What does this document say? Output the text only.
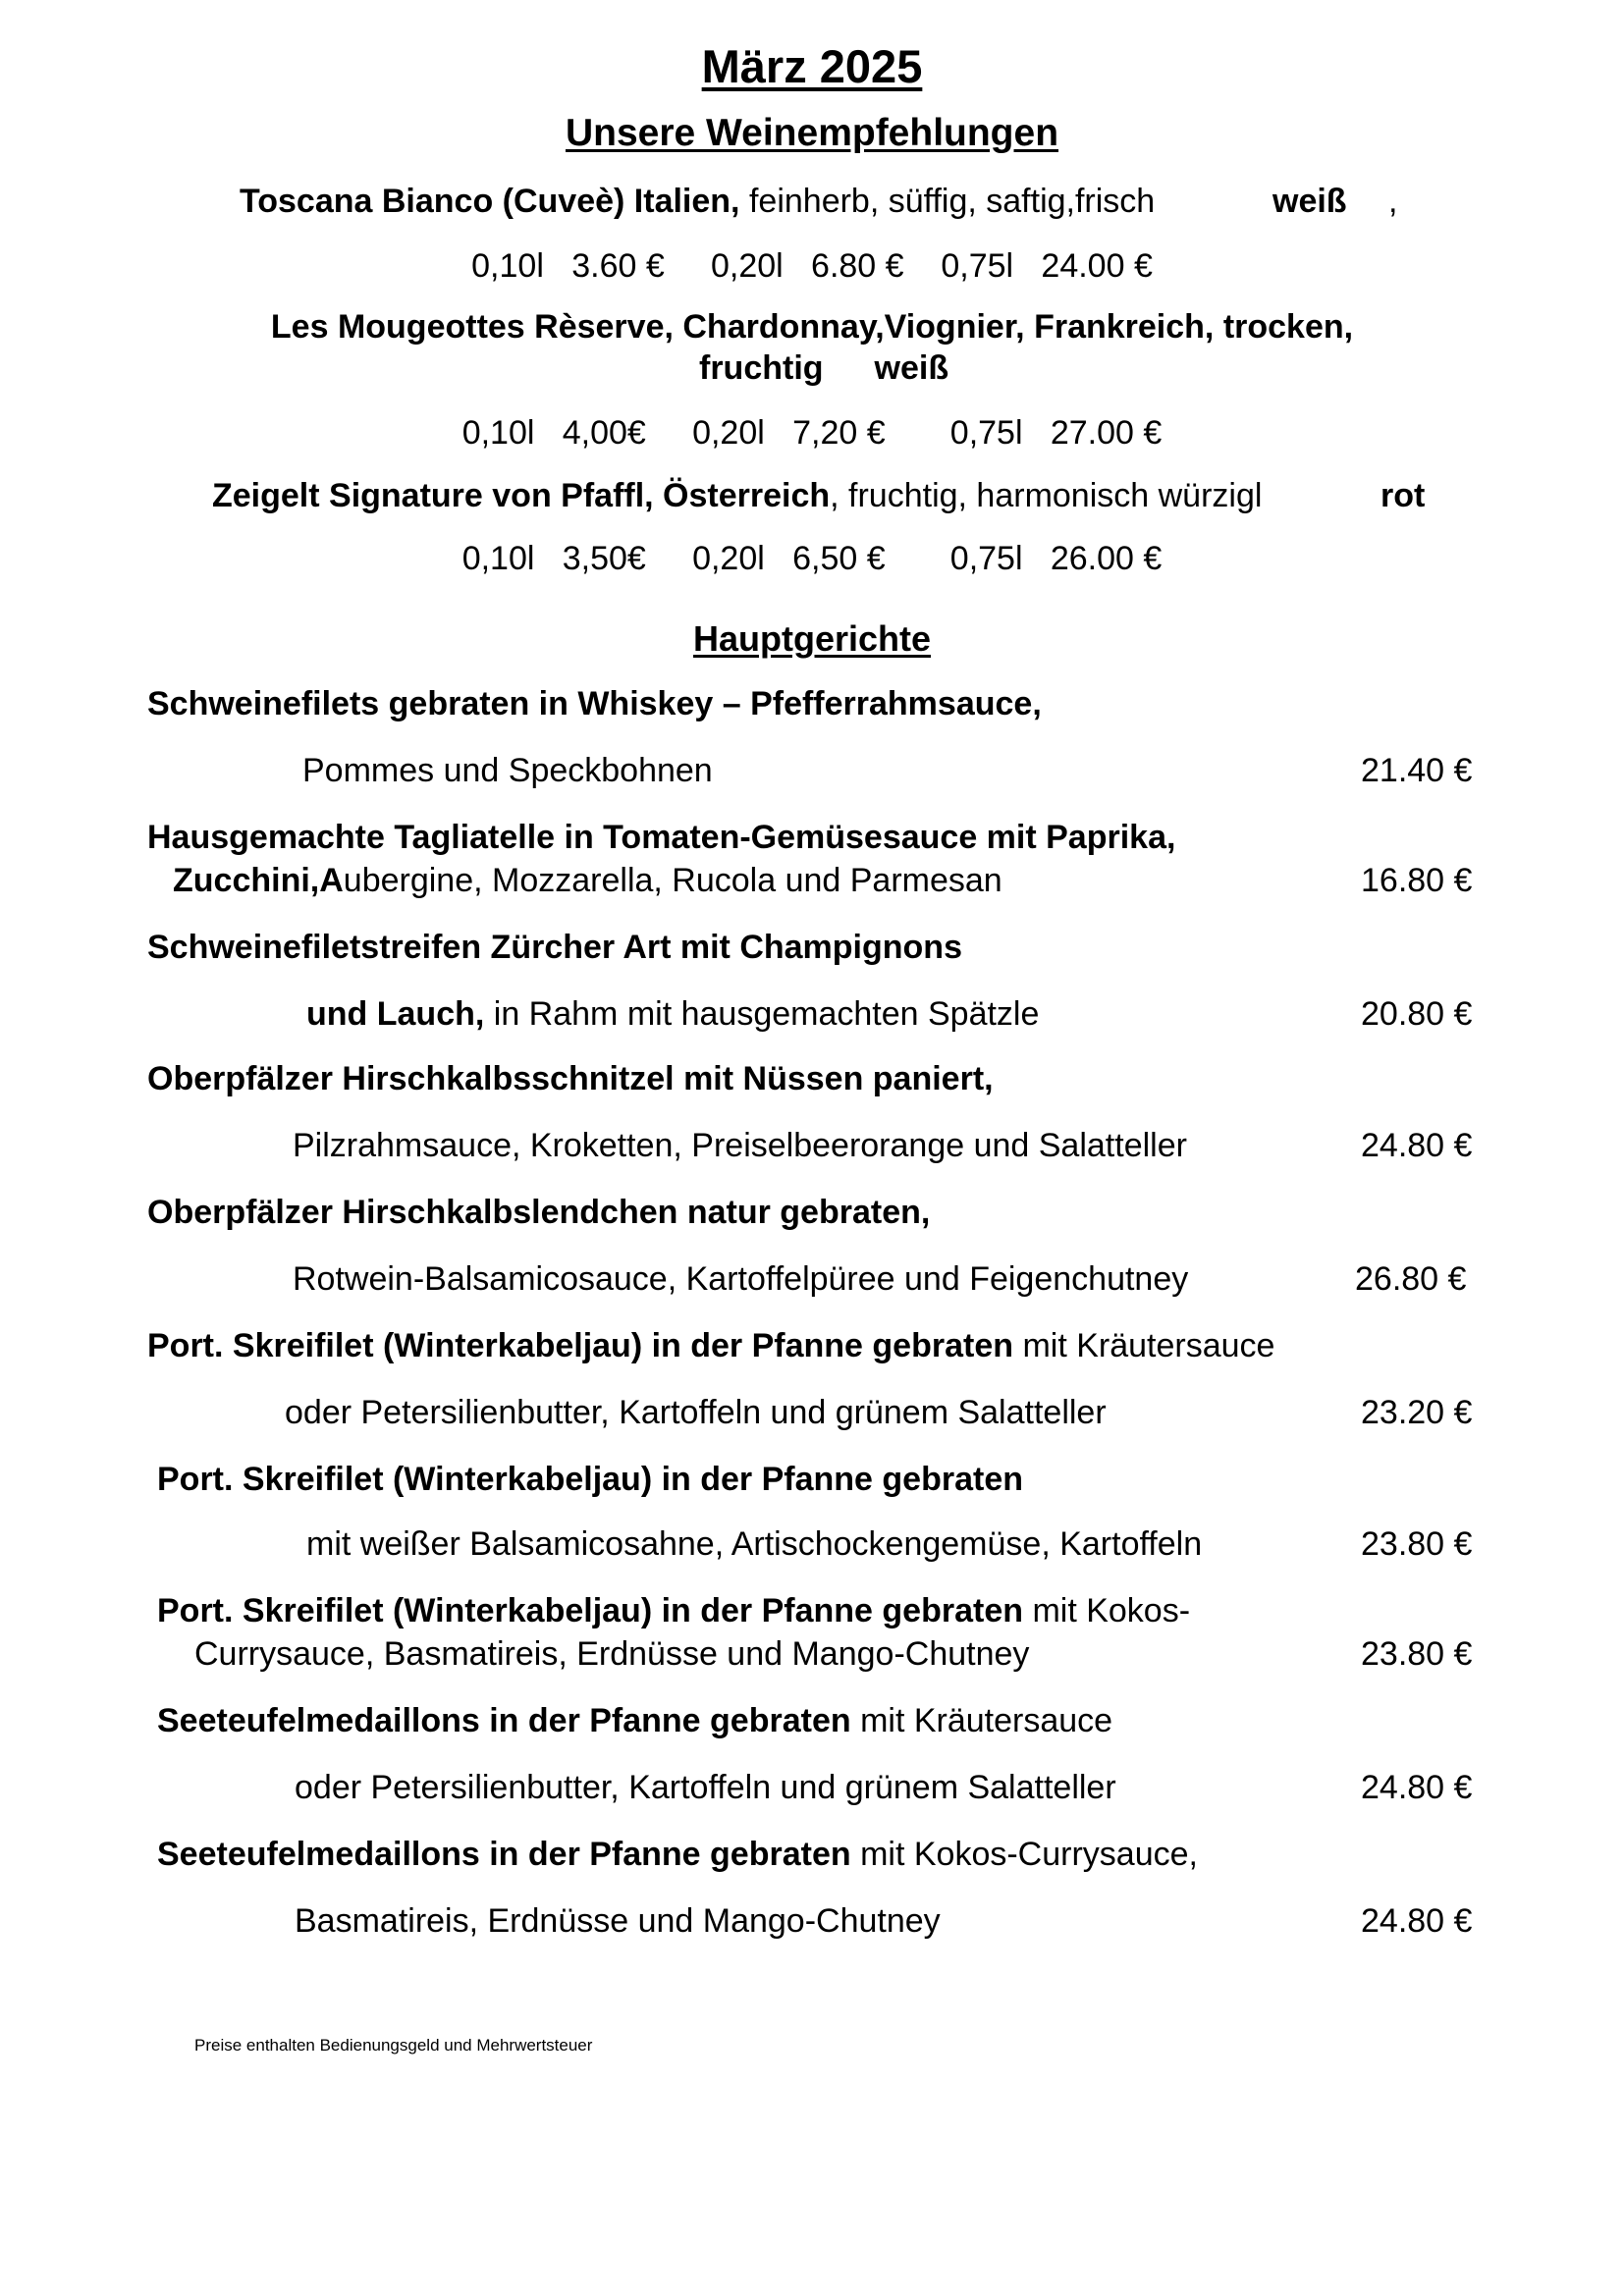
März 2025
Unsere Weinempfehlungen
Toscana Bianco (Cuveè) Italien, feinherb, süffig, saftig,frisch	weiß ,
0,10l   3.60 €     0,20l   6.80 €    0,75l   24.00 €
Les Mougeottes Rèserve, Chardonnay,Viognier, Frankreich, trocken,
fruchtig weiß
0,10l   4,00€     0,20l   7,20 €       0,75l   27.00 €
Zeigelt Signature von Pfaffl, Österreich, fruchtig, harmonisch würzigl	rot
0,10l   3,50€     0,20l   6,50 €       0,75l   26.00 €
Hauptgerichte
Schweinefilets gebraten in Whiskey – Pfefferrahmsauce,
Pommes und Speckbohnen	21.40 €
Hausgemachte Tagliatelle in Tomaten-Gemüsesauce mit Paprika,
Zucchini,Aubergine, Mozzarella, Rucola und Parmesan	16.80 €
Schweinefiletstreifen Zürcher Art mit Champignons
und Lauch, in Rahm mit hausgemachten Spätzle	20.80 €
Oberpfälzer Hirschkalbsschnitzel mit Nüssen paniert,
Pilzrahmsauce, Kroketten, Preiselbeerorange und Salatteller	24.80 €
Oberpfälzer Hirschkalbslendchen natur gebraten,
Rotwein-Balsamicosauce, Kartoffelpüree und Feigenchutney	26.80 €
Port. Skreifilet (Winterkabeljau) in der Pfanne gebraten mit Kräutersauce
oder Petersilienbutter, Kartoffeln und grünem Salatteller	23.20 €
Port. Skreifilet (Winterkabeljau) in der Pfanne gebraten
mit weißer Balsamicosahne, Artischockengemüse, Kartoffeln	23.80 €
Port. Skreifilet (Winterkabeljau) in der Pfanne gebraten mit Kokos-
Currysauce, Basmatireis, Erdnüsse und Mango-Chutney	23.80 €
Seeteufelmedaillons in der Pfanne gebraten mit Kräutersauce
oder Petersilienbutter, Kartoffeln und grünem Salatteller	24.80 €
Seeteufelmedaillons in der Pfanne gebraten mit Kokos-Currysauce,
Basmatireis, Erdnüsse und Mango-Chutney	24.80 €
Preise enthalten Bedienungsgeld und Mehrwertsteuer
